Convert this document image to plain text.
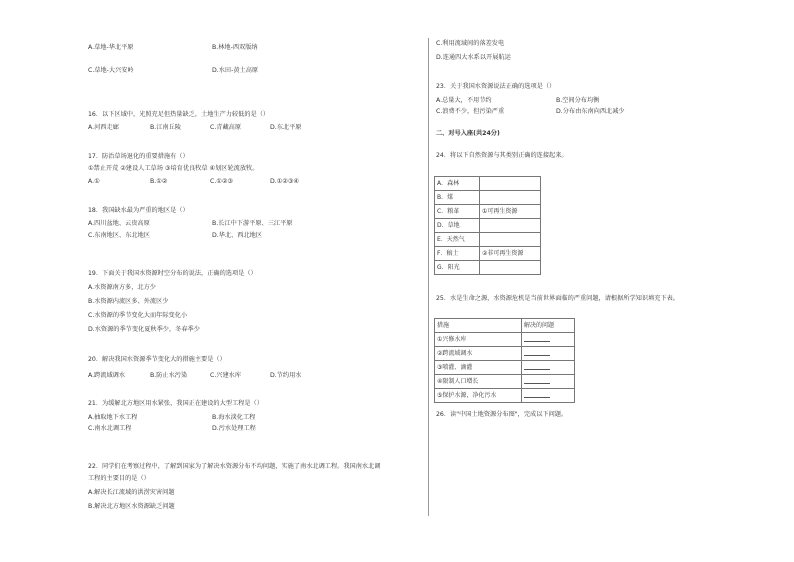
A.草地-华北平原	B.林地-西双版纳
C.草地-大兴安岭	D.水田-黄土高原
16．以下区域中，光照充足但热量缺乏，土地生产力较低的是（）
A.河西走廊	B.江南丘陵	C.青藏高原	D.东北平原
17．防治草场退化的重要措施有（）
①禁止开荒 ②建设人工草场 ③培育优良牧草 ④划区轮流放牧。
A.①	B.①②	C.①②③	D.①②③④
18．我国缺水最为严重的地区是（）
A.四川盆地、云贵高原	B.长江中下游平原、三江平原
C.东南地区、东北地区	D.华北、西北地区
19．下面关于我国水资源时空分布的说法，正确的选项是（）
A.水资源南方多，北方少
B.水资源内流区多、外流区少
C.水资源的季节变化大而年际变化小
D.水资源的季节变化夏秋季少，冬春季少
20．解决我国水资源季节变化大的措施主要是（）
A.跨流域调水	B.防止水污染	C.兴建水库	D.节约用水
21．为缓解北方地区用水紧张，我国正在建设的大型工程是（）
A.抽取地下水工程	B.海水淡化工程
C.南水北调工程	D.污水处理工程
22．同学们在考察过程中，了解到国家为了解决水资源分布不均问题，实施了南水北调工程。我国南水北调
工程的主要目的是（）
A.解决长江流域的洪涝灾害问题
B.解决北方地区水资源缺乏问题
C.利用流域间的落差发电
D.连通四大水系以开展航运
23．关于我国水资源说法正确的选项是（）
A.总量大，不用节约	B.空间分布均衡
C.浪费不少，但污染严重	D.分布由东南向西北减少
二、对号入座(共24分)
24．将以下自然资源与其类别正确的连接起来。
A．森林	
B．煤	
C．粮革	①可再生资源
D．草地	
E．天然气	
F．稿土	②非可再生资源
G．阳光	
25．水是生命之源，水资源危机是当前世界面临的严重问题，请根据所学知识填充下表。
措施	解决的问题
①兴修水库	
②跨流域调水	
③喷灌、滴灌	
④限制人口增长	
⑤保护水源，净化污水	
26．读"中国土地资源分布图"，完成以下问题。
